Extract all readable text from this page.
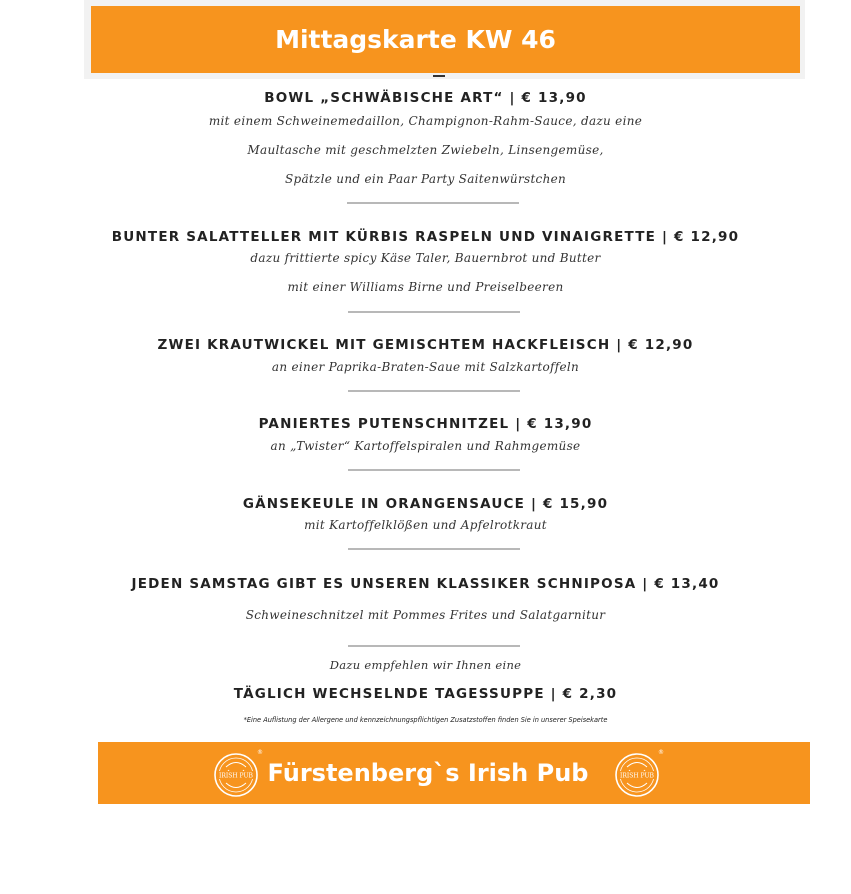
Mittagskarte KW 46
BOWL „SCHWÄBISCHE ART“ | € 13,90
mit einem Schweinemedaillon, Champignon-Rahm-Sauce, dazu eine
Maultasche mit geschmelzten Zwiebeln, Linsengemüse,
Spätzle und ein Paar Party Saitenwürstchen
BUNTER SALATTELLER MIT KÜRBIS RASPELN UND VINAIGRETTE | € 12,90
dazu frittierte spicy Käse Taler, Bauernbrot und Butter
mit einer Williams Birne und Preiselbeeren
ZWEI KRAUTWICKEL MIT GEMISCHTEM HACKFLEISCH | € 12,90
an einer Paprika-Braten-Saue mit Salzkartoffeln
PANIERTES PUTENSCHNITZEL | € 13,90
an „Twister“ Kartoffelspiralen und Rahmgemüse
GÄNSEKEULE IN ORANGENSAUCE | € 15,90
mit Kartoffelklößen und Apfelrotkraut
JEDEN SAMSTAG GIBT ES UNSEREN KLASSIKER SCHNIPOSA | € 13,40
Schweineschnitzel mit Pommes Frites und Salatgarnitur
Dazu empfehlen wir Ihnen eine
TÄGLICH WECHSELNDE TAGESSUPPE | € 2,30
*Eine Auflistung der Allergene und kennzeichnungspflichtigen Zusatzstoffen finden Sie in unserer Speisekarte
Fürstenberg`s Irish Pub
IRISH PUB
®
IRISH PUB
®
